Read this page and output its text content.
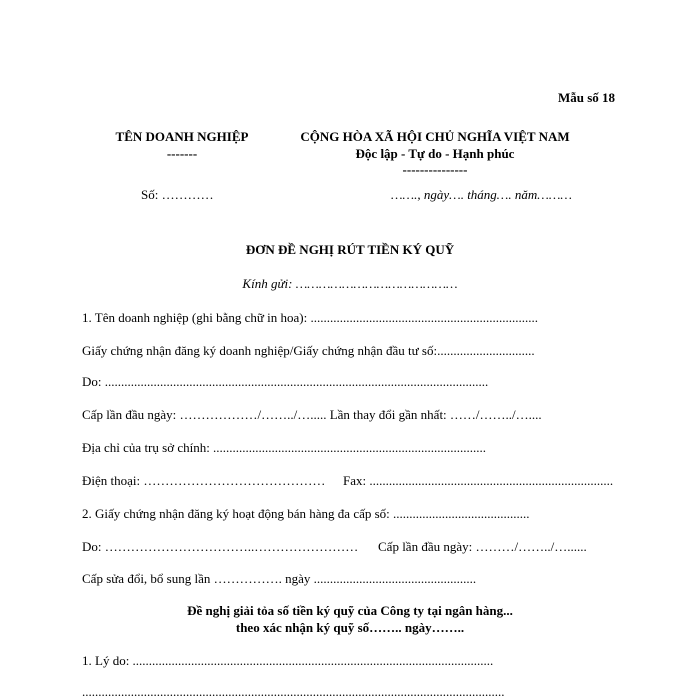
Mẫu số 18
TÊN DOANH NGHIỆP
-------
CỘNG HÒA XÃ HỘI CHỦ NGHĨA VIỆT NAM
Độc lập - Tự do - Hạnh phúc
---------------
Số: …………	……., ngày…. tháng…. năm………
ĐƠN ĐỀ NGHỊ RÚT TIỀN KÝ QUỸ
Kính gửi: ……………………………………
1. Tên doanh nghiệp (ghi bằng chữ in hoa): ......................................................................
Giấy chứng nhận đăng ký doanh nghiệp/Giấy chứng nhận đầu tư số:..............................
Do: ......................................................................................................................
Cấp lần đầu ngày: ………………/……../…..... Lần thay đổi gần nhất: ……/……../…....
Địa chỉ của trụ sở chính: ....................................................................................
Điện thoại: …………………………………… Fax: ...........................................................................
2. Giấy chứng nhận đăng ký hoạt động bán hàng đa cấp số: ..........................................
Do: ……………………………..…………………… Cấp lần đầu ngày: ………/……../…......
Cấp sửa đổi, bổ sung lần ……………. ngày ..................................................
Đề nghị giải tỏa số tiền ký quỹ của Công ty tại ngân hàng...
theo xác nhận ký quỹ số…….. ngày……..
1. Lý do: ...............................................................................................................
..................................................................................................................................
